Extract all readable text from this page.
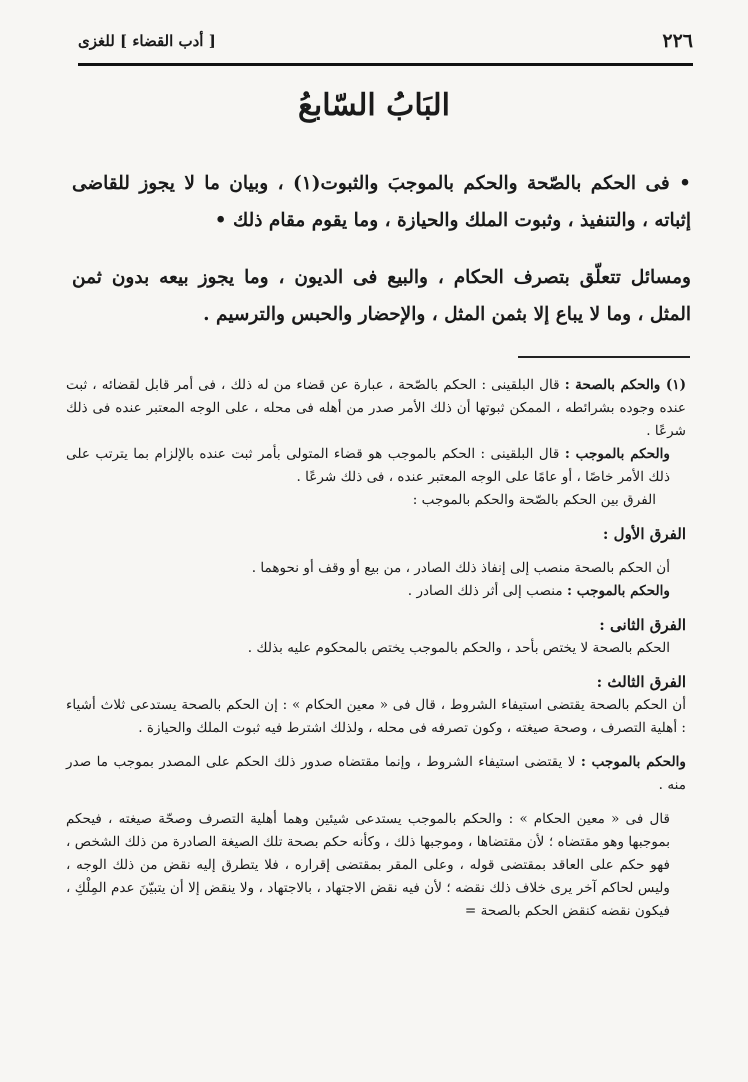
٢٢٦
[ أدب القضاء ] للغزى
البَابُ السّابعُ

• فى الحكم بالصّحة والحكم بالموجبَ والثبوت(١) ، وبيان ما لا يجوز للقاضى إثباته ، والتنفيذ ، وثبوت الملك والحيازة ، وما يقوم مقام ذلك •

ومسائل تتعلّق بتصرف الحكام ، والبيع فى الديون ، وما يجوز بيعه بدون ثمن المثل ، وما لا يباع إلا بثمن المثل ، والإحضار والحبس والترسيم .

(١) والحكم بالصحة : قال البلقينى : الحكم بالصّحة ، عبارة عن قضاء من له ذلك ، فى أمر قابل لقضائه ، ثبت عنده وجوده بشرائطه ، الممكن ثبوتها أن ذلك الأمر صدر من أهله فى محله ، على الوجه المعتبر عنده فى ذلك شرعًا .

والحكم بالموجب : قال البلقينى : الحكم بالموجب هو قضاء المتولى بأمر ثبت عنده بالإلزام بما يترتب على ذلك الأمر خاصًا ، أو عامًا على الوجه المعتبر عنده ، فى ذلك شرعًا .

الفرق بين الحكم بالصّحة والحكم بالموجب :

الفرق الأول :

أن الحكم بالصحة منصب إلى إنفاذ ذلك الصادر ، من بيع أو وقف أو نحوهما .

والحكم بالموجب : منصب إلى أثر ذلك الصادر .

الفرق الثانى :

الحكم بالصحة لا يختص بأحد ، والحكم بالموجب يختص بالمحكوم عليه بذلك .

الفرق الثالث :

أن الحكم بالصحة يقتضى استيفاء الشروط ، قال فى « معين الحكام » : إن الحكم بالصحة يستدعى ثلاث أشياء : أهلية التصرف ، وصحة صيغته ، وكون تصرفه فى محله ، ولذلك اشترط فيه ثبوت الملك والحيازة .

والحكم بالموجب : لا يقتضى استيفاء الشروط ، وإنما مقتضاه صدور ذلك الحكم على المصدر بموجب ما صدر منه .

قال فى « معين الحكام » : والحكم بالموجب يستدعى شيئين وهما أهلية التصرف وصحّة صيغته ، فيحكم بموجبها وهو مقتضاه ؛ لأن مقتضاها ، وموجبها ذلك ، وكأنه حكم بصحة تلك الصيغة الصادرة من ذلك الشخص ، فهو حكم على العاقد بمقتضى قوله ، وعلى المقر بمقتضى إقراره ، فلا يتطرق إليه نقض من ذلك الوجه ، وليس لحاكم آخر يرى خلاف ذلك نقضه ؛ لأن فيه نقض الاجتهاد ، بالاجتهاد ، ولا ينقض إلا أن يتبيّنَ عدم المِلْكِ ، فيكون نقضه كنقض الحكم بالصحة =
